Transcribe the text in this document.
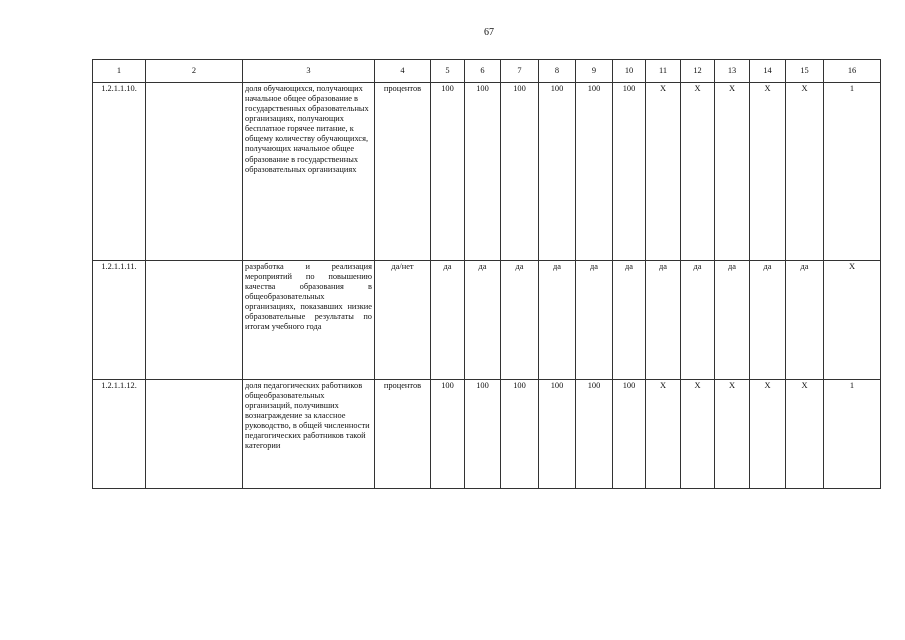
67
1	2	3	4	5	6	7	8	9	10	11	12	13	14	15	16
1.2.1.1.10.		доля обучающихся, получающих начальное общее образование в государственных образовательных организациях, получающих бесплатное горячее питание, к общему количеству обучающихся, получающих начальное общее образование в государственных образовательных организациях	процентов	100	100	100	100	100	100	X	X	X	X	X	1
1.2.1.1.11.		разработка и реализация мероприятий по повышению качества образования в общеобразовательных организациях, показавших низкие образовательные результаты по итогам учебного года	да/нет	да	да	да	да	да	да	да	да	да	да	да	X
1.2.1.1.12.		доля педагогических работников общеобразовательных организаций, получивших вознаграждение за классное руководство, в общей численности педагогических работников такой категории	процентов	100	100	100	100	100	100	X	X	X	X	X	1
